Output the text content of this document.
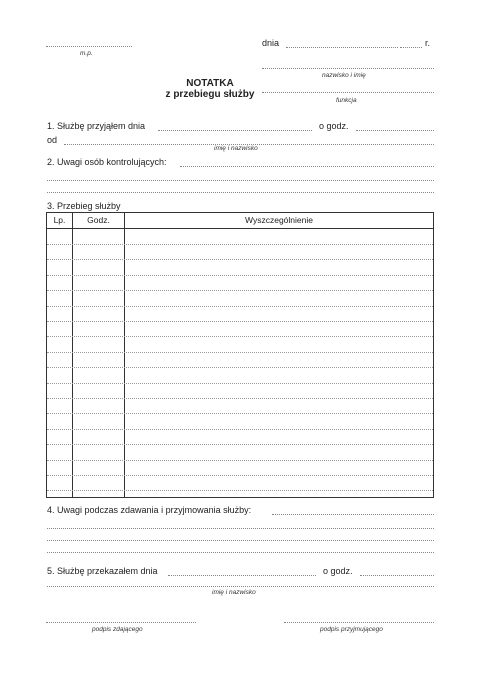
m.p.
dnia	r.
nazwisko i imię
funkcja
NOTATKA
z przebiegu służby
1. Służbę przyjąłem dnia	o godz.
od
imię i nazwisko
2. Uwagi osób kontrolujących:
3. Przebieg służby
Lp.	Godz.	Wyszczególnienie
4. Uwagi podczas zdawania i przyjmowania służby:
5. Służbę przekazałem dnia	o godz.
imię i nazwisko
podpis zdającego	podpis przyjmującego
